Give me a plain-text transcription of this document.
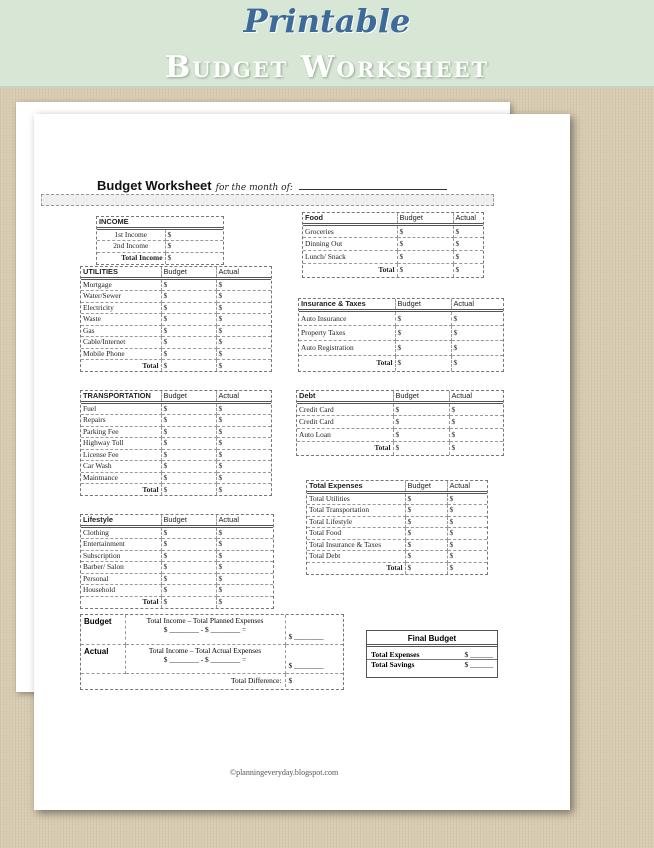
Printable
Budget Worksheet
Budget Worksheet for the month of:
INCOME	
1st Income	$
2nd Income	$
Total Income	$
UTILITIES	Budget	Actual
Mortgage	$	$
Water/Sewer	$	$
Electricity	$	$
Waste	$	$
Gas	$	$
Cable/Internet	$	$
Mobile Phone	$	$
Total	$	$
TRANSPORTATION	Budget	Actual
Fuel	$	$
Repairs	$	$
Parking Fee	$	$
Highway Toll	$	$
License Fee	$	$
Car Wash	$	$
Maintnance	$	$
Total	$	$
Lifestyle	Budget	Actual
Clothing	$	$
Entertainment	$	$
Subscription	$	$
Barber/ Salon	$	$
Personal	$	$
Household	$	$
Total	$	$
Food	Budget	Actual
Groceries	$	$
Dinning Out	$	$
Lunch/ Snack	$	$
Total	$	$
Insurance & Taxes	Budget	Actual
Auto Insurance	$	$
Property Taxes	$	$
Auto Registration	$	$
Total	$	$
Debt	Budget	Actual
Credit Card	$	$
Credit Card	$	$
Auto Loan	$	$
Total	$	$
Total Expenses	Budget	Actual
Total Utilities	$	$
Total Transportation	$	$
Total Lifestyle	$	$
Total Food	$	$
Total Insurance & Taxes	$	$
Total Debt	$	$
Total	$	$
Budget	Total Income – Total Planned Expenses
$ ________ - $ ________ =	$ ________
Actual	Total Income – Total Actual Expenses
$ ________ - $ ________ =	$ ________
Total Difference:		$
Final Budget
Total Expenses	$ ______
Total Savings	$ ______
©planningeveryday.blogspot.com
